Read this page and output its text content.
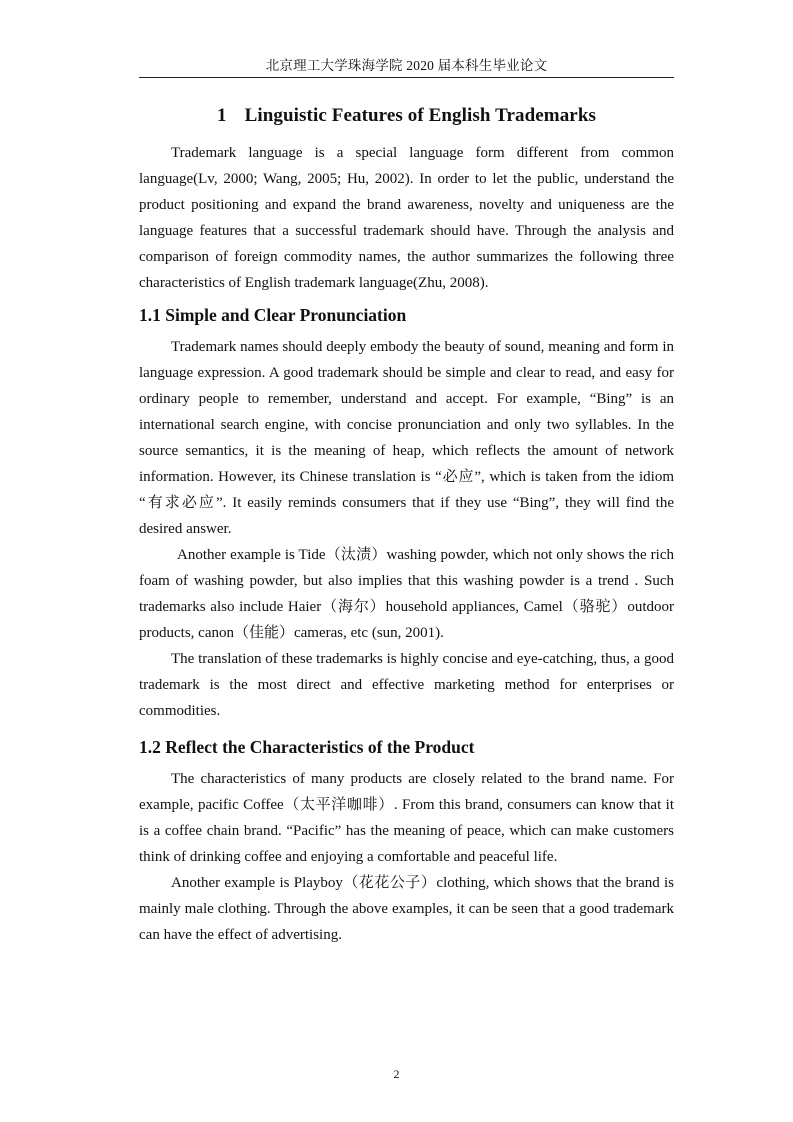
北京理工大学珠海学院 2020 届本科生毕业论文
1 Linguistic Features of English Trademarks

Trademark language is a special language form different from common language(Lv, 2000; Wang, 2005; Hu, 2002). In order to let the public, understand the product positioning and expand the brand awareness, novelty and uniqueness are the language features that a successful trademark should have. Through the analysis and comparison of foreign commodity names, the author summarizes the following three characteristics of English trademark language(Zhu, 2008).

1.1 Simple and Clear Pronunciation

Trademark names should deeply embody the beauty of sound, meaning and form in language expression. A good trademark should be simple and clear to read, and easy for ordinary people to remember, understand and accept. For example, “Bing” is an international search engine, with concise pronunciation and only two syllables. In the source semantics, it is the meaning of heap, which reflects the amount of network information. However, its Chinese translation is “必应”, which is taken from the idiom “有求必应”. It easily reminds consumers that if they use “Bing”, they will find the desired answer.

Another example is Tide（汰渍）washing powder, which not only shows the rich foam of washing powder, but also implies that this washing powder is a trend . Such trademarks also include Haier（海尔）household appliances, Camel（骆驼）outdoor products, canon（佳能）cameras, etc (sun, 2001).

The translation of these trademarks is highly concise and eye-catching, thus, a good trademark is the most direct and effective marketing method for enterprises or commodities.

1.2 Reflect the Characteristics of the Product

The characteristics of many products are closely related to the brand name. For example, pacific Coffee（太平洋咖啡）. From this brand, consumers can know that it is a coffee chain brand. “Pacific” has the meaning of peace, which can make customers think of drinking coffee and enjoying a comfortable and peaceful life.

Another example is Playboy（花花公子）clothing, which shows that the brand is mainly male clothing. Through the above examples, it can be seen that a good trademark can have the effect of advertising.

2
